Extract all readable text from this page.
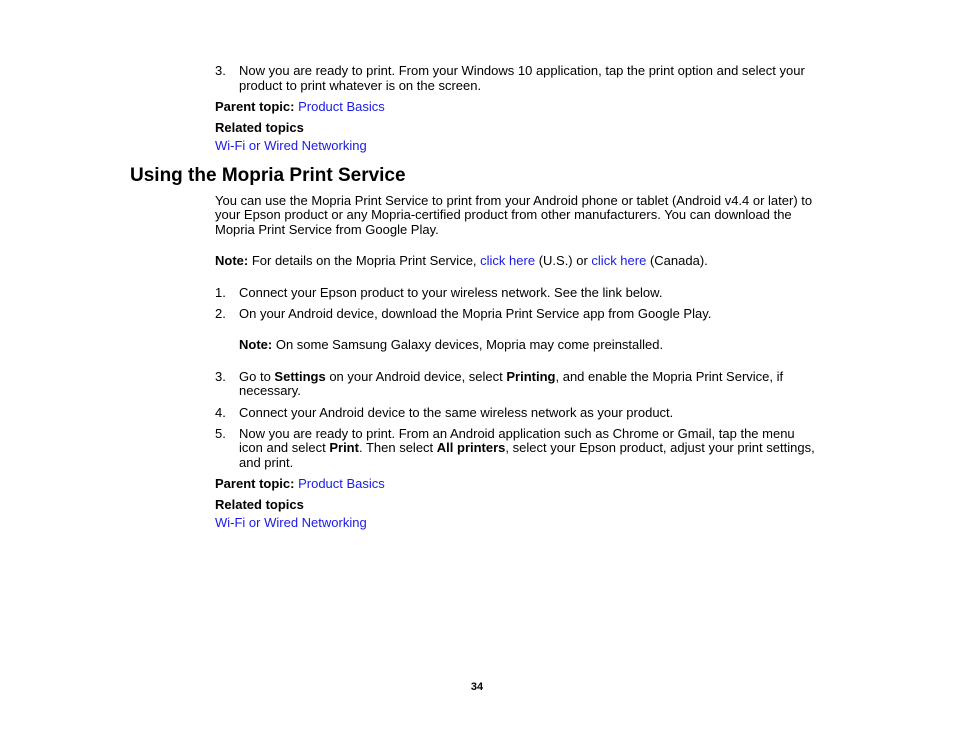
3.	Now you are ready to print. From your Windows 10 application, tap the print option and select your
product to print whatever is on the screen.
Parent topic: Product Basics
Related topics
Wi-Fi or Wired Networking
Using the Mopria Print Service
You can use the Mopria Print Service to print from your Android phone or tablet (Android v4.4 or later) to
your Epson product or any Mopria-certified product from other manufacturers. You can download the
Mopria Print Service from Google Play.
Note: For details on the Mopria Print Service, click here (U.S.) or click here (Canada).
1.	Connect your Epson product to your wireless network. See the link below.
2.	On your Android device, download the Mopria Print Service app from Google Play.
Note: On some Samsung Galaxy devices, Mopria may come preinstalled.
3.	Go to Settings on your Android device, select Printing, and enable the Mopria Print Service, if
necessary.
4.	Connect your Android device to the same wireless network as your product.
5.	Now you are ready to print. From an Android application such as Chrome or Gmail, tap the menu
icon and select Print. Then select All printers, select your Epson product, adjust your print settings,
and print.
Parent topic: Product Basics
Related topics
Wi-Fi or Wired Networking
34
